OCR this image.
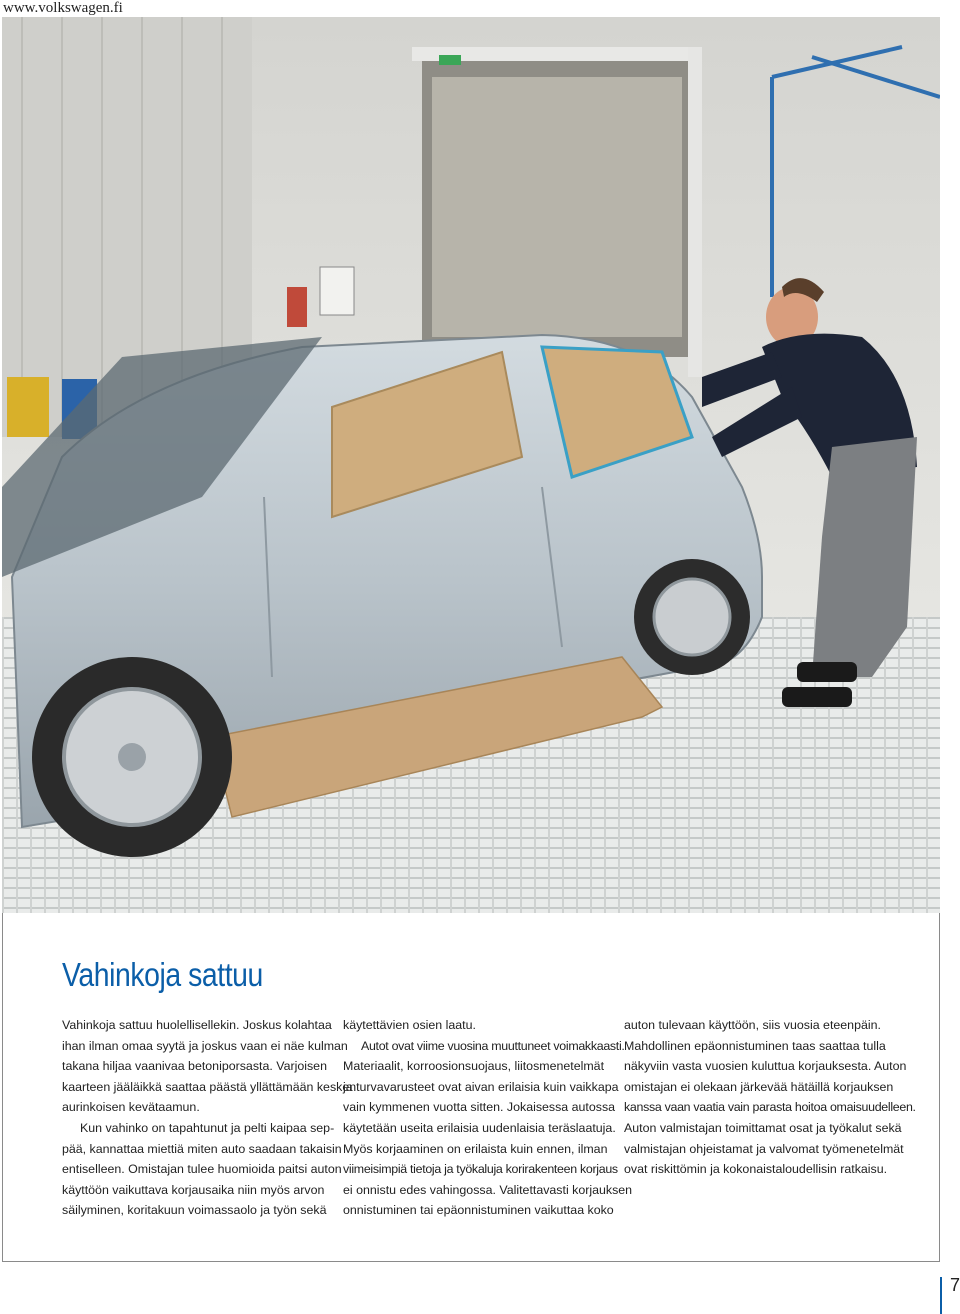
www.volkswagen.fi
Vahinkoja sattuu

Vahinkoja sattuu huolellisellekin. Joskus kolahtaa

ihan ilman omaa syytä ja joskus vaan ei näe kulman

takana hiljaa vaanivaa betoniporsasta. Varjoisen

kaarteen jääläikkä saattaa päästä yllättämään kesken

aurinkoisen kevätaamun.

Kun vahinko on tapahtunut ja pelti kaipaa sep-

pää, kannattaa miettiä miten auto saadaan takaisin

entiselleen. Omistajan tulee huomioida paitsi auton

käyttöön vaikuttava korjausaika niin myös arvon

säilyminen, koritakuun voimassaolo ja työn sekä

käytettävien osien laatu.

Autot ovat viime vuosina muuttuneet voimakkaasti.

Materiaalit, korroosionsuojaus, liitosmenetelmät

ja turvavarusteet ovat aivan erilaisia kuin vaikkapa

vain kymmenen vuotta sitten. Jokaisessa autossa

käytetään useita erilaisia uudenlaisia teräslaatuja.

Myös korjaaminen on erilaista kuin ennen, ilman

viimeisimpiä tietoja ja työkaluja korirakenteen korjaus

ei onnistu edes vahingossa. Valitettavasti korjauksen

onnistuminen tai epäonnistuminen vaikuttaa koko

auton tulevaan käyttöön, siis vuosia eteenpäin.

Mahdollinen epäonnistuminen taas saattaa tulla

näkyviin vasta vuosien kuluttua korjauksesta. Auton

omistajan ei olekaan järkevää hätäillä korjauksen

kanssa vaan vaatia vain parasta hoitoa omaisuudelleen.

Auton valmistajan toimittamat osat ja työkalut sekä

valmistajan ohjeistamat ja valvomat työmenetelmät

ovat riskittömin ja kokonaistaloudellisin ratkaisu.

7
